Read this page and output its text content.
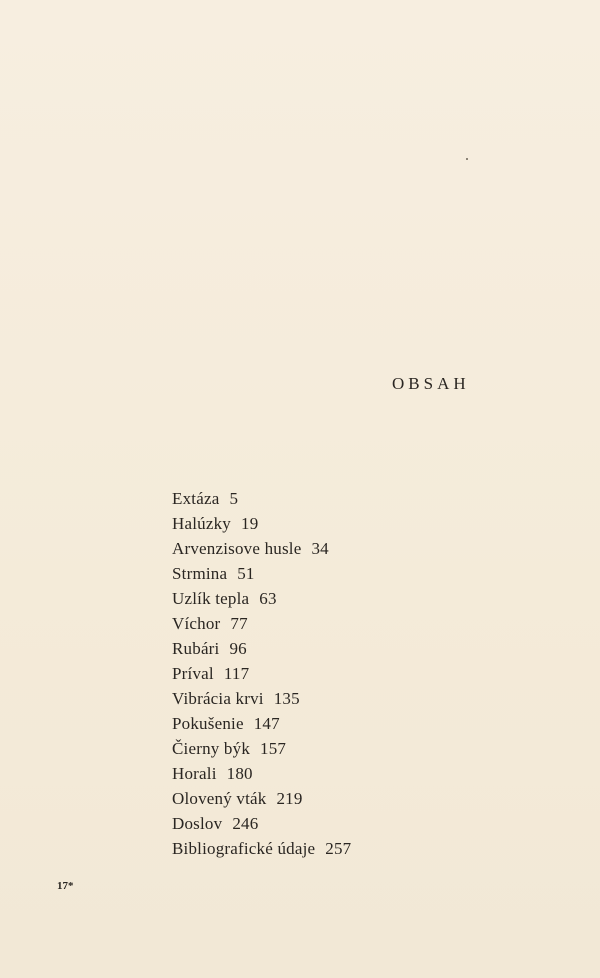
OBSAH
Extáza 5
Halúzky 19
Arvenzisove husle 34
Strmina 51
Uzlík tepla 63
Víchor 77
Rubári 96
Príval 117
Vibrácia krvi 135
Pokušenie 147
Čierny býk 157
Horali 180
Olovený vták 219
Doslov 246
Bibliografické údaje 257
17*
